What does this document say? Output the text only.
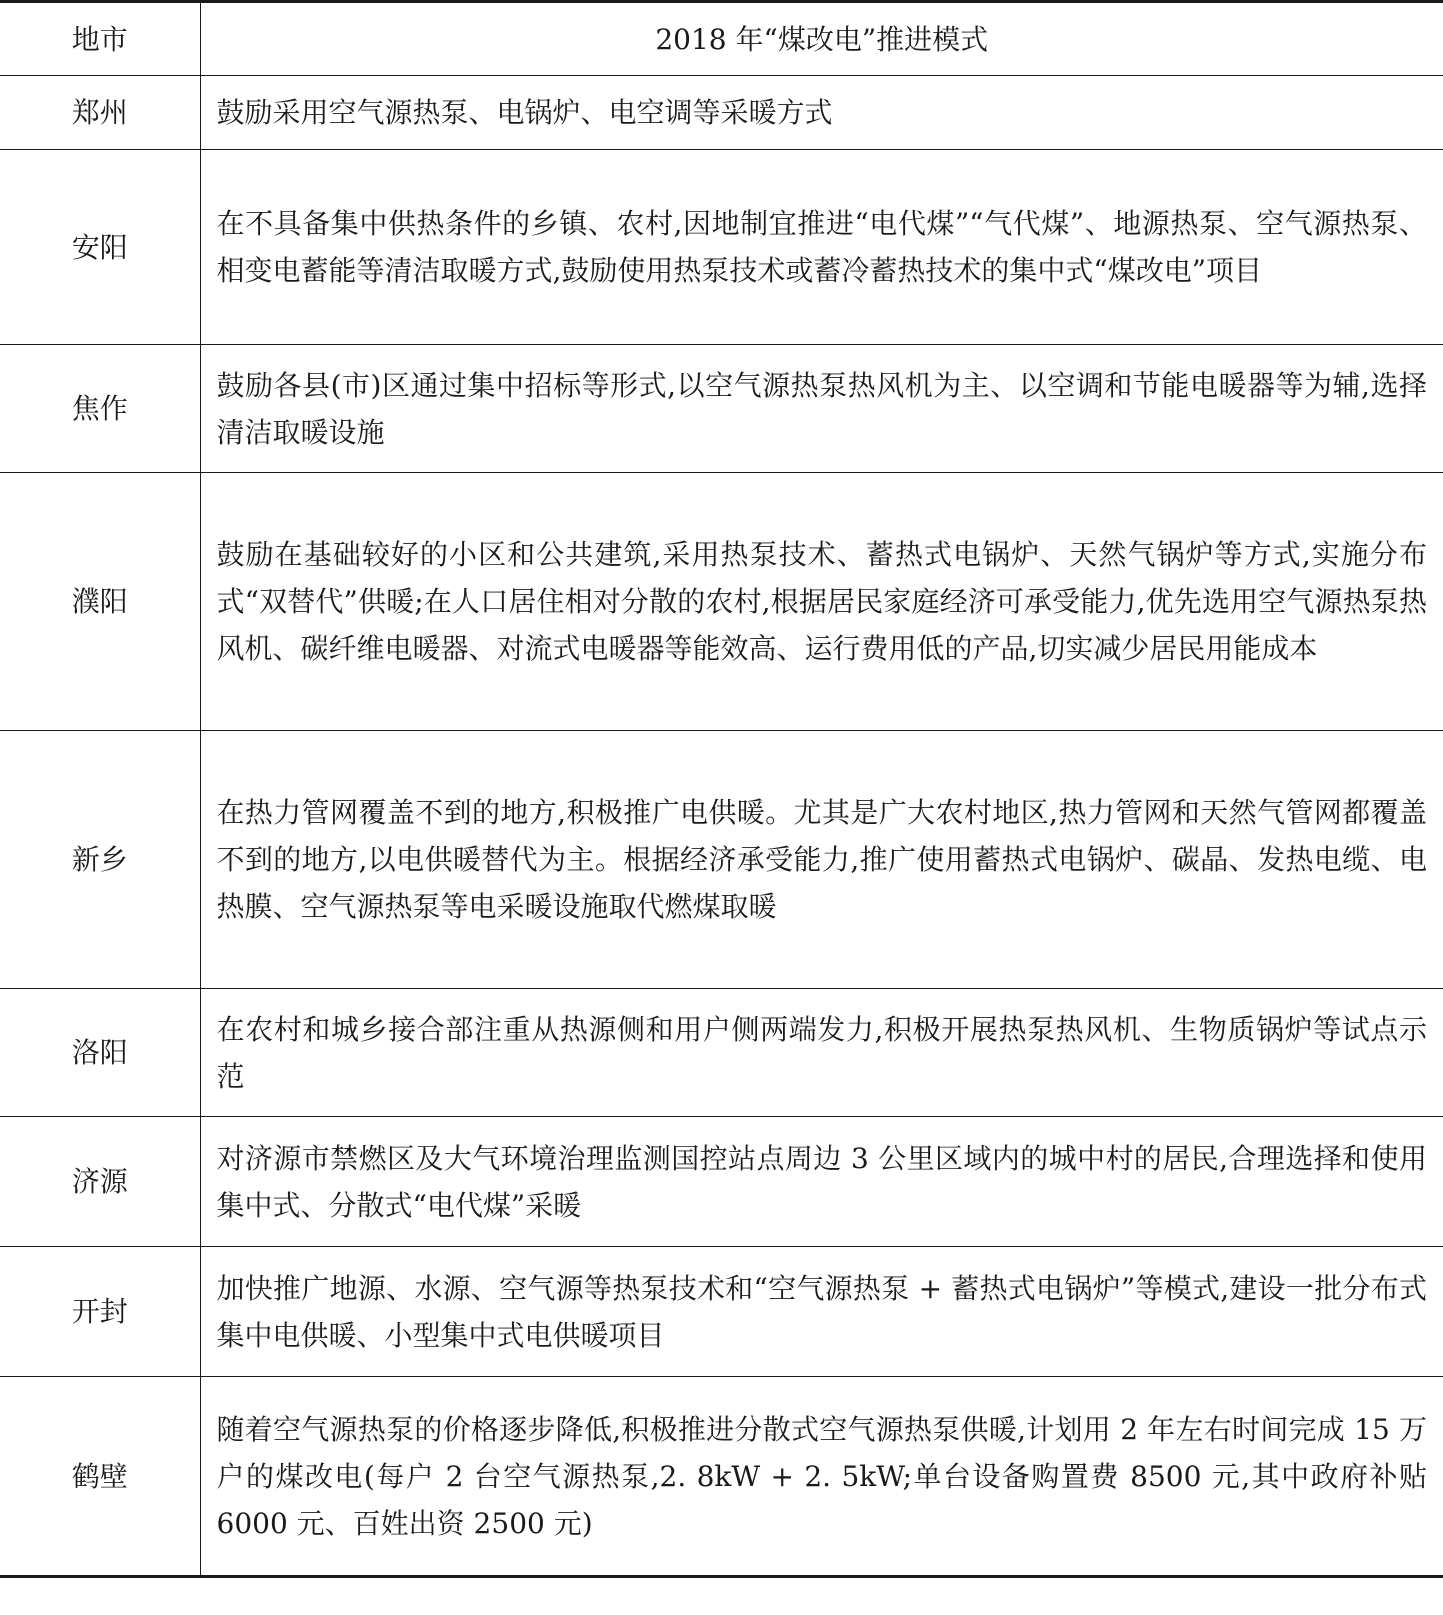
地市	2018 年“煤改电”推进模式
郑州	鼓励采用空气源热泵、电锅炉、电空调等采暖方式
安阳	在不具备集中供热条件的乡镇、农村,因地制宜推进“电代煤”“气代煤”、地源热泵、空气源热泵、相变电蓄能等清洁取暖方式,鼓励使用热泵技术或蓄冷蓄热技术的集中式“煤改电”项目
焦作	鼓励各县(市)区通过集中招标等形式,以空气源热泵热风机为主、以空调和节能电暖器等为辅,选择清洁取暖设施
濮阳	鼓励在基础较好的小区和公共建筑,采用热泵技术、蓄热式电锅炉、天然气锅炉等方式,实施分布式“双替代”供暖;在人口居住相对分散的农村,根据居民家庭经济可承受能力,优先选用空气源热泵热风机、碳纤维电暖器、对流式电暖器等能效高、运行费用低的产品,切实减少居民用能成本
新乡	在热力管网覆盖不到的地方,积极推广电供暖。尤其是广大农村地区,热力管网和天然气管网都覆盖不到的地方,以电供暖替代为主。根据经济承受能力,推广使用蓄热式电锅炉、碳晶、发热电缆、电热膜、空气源热泵等电采暖设施取代燃煤取暖
洛阳	在农村和城乡接合部注重从热源侧和用户侧两端发力,积极开展热泵热风机、生物质锅炉等试点示范
济源	对济源市禁燃区及大气环境治理监测国控站点周边 3 公里区域内的城中村的居民,合理选择和使用集中式、分散式“电代煤”采暖
开封	加快推广地源、水源、空气源等热泵技术和“空气源热泵 + 蓄热式电锅炉”等模式,建设一批分布式集中电供暖、小型集中式电供暖项目
鹤壁	随着空气源热泵的价格逐步降低,积极推进分散式空气源热泵供暖,计划用 2 年左右时间完成 15 万户的煤改电(每户 2 台空气源热泵,2. 8kW + 2. 5kW;单台设备购置费 8500 元,其中政府补贴 6000 元、百姓出资 2500 元)
